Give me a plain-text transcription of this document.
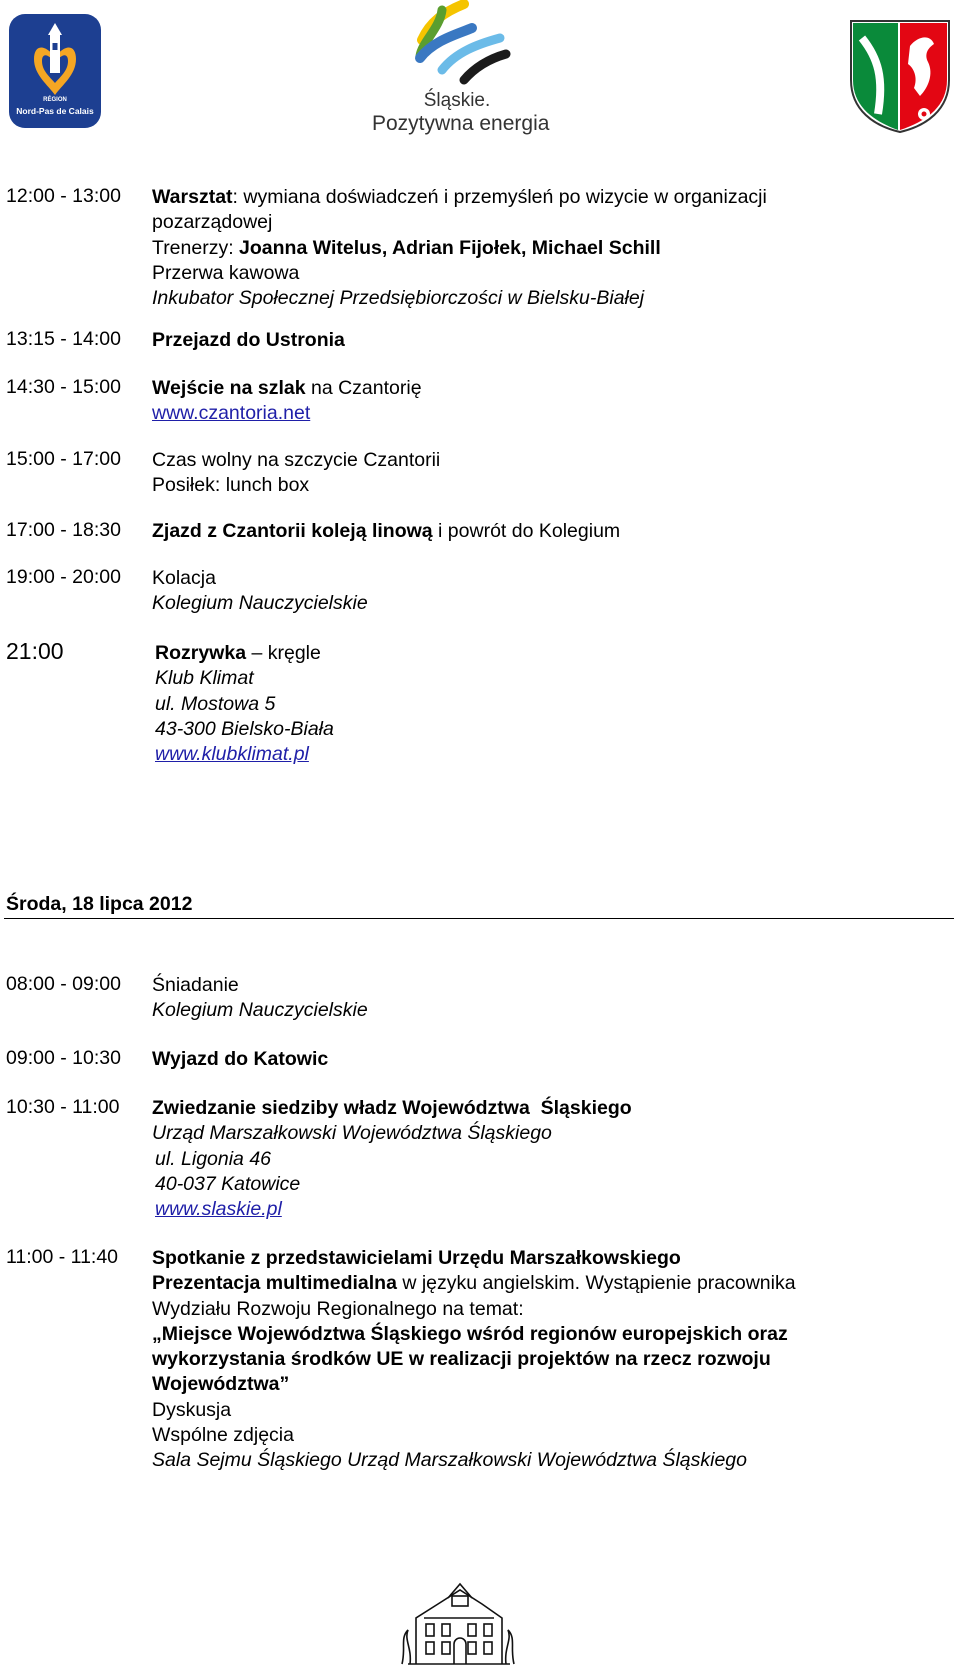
RÉGION
Nord-Pas de Calais	Śląskie.
Pozytywna energia
12:00 - 13:00 Warsztat: wymiana doświadczeń i przemyśleń po wizycie w organizacji
pozarządowej
Trenerzy: Joanna Witelus, Adrian Fijołek, Michael Schill
Przerwa kawowa
Inkubator Społecznej Przedsiębiorczości w Bielsku-Białej
13:15 - 14:00 Przejazd do Ustronia
14:30 - 15:00 Wejście na szlak na Czantorię
www.czantoria.net
15:00 - 17:00 Czas wolny na szczycie Czantorii
Posiłek: lunch box
17:00 - 18:30 Zjazd z Czantorii koleją linową i powrót do Kolegium
19:00 - 20:00 Kolacja
Kolegium Nauczycielskie
21:00	Rozrywka – kręgle
Klub Klimat
ul. Mostowa 5
43-300 Bielsko-Biała
www.klubklimat.pl
Środa, 18 lipca 2012
08:00 - 09:00 Śniadanie
Kolegium Nauczycielskie
09:00 - 10:30 Wyjazd do Katowic
10:30 - 11:00 Zwiedzanie siedziby władz Województwa  Śląskiego
Urząd Marszałkowski Województwa Śląskiego
ul. Ligonia 46
40-037 Katowice
www.slaskie.pl
11:00 - 11:40 Spotkanie z przedstawicielami Urzędu Marszałkowskiego
Prezentacja multimedialna w języku angielskim. Wystąpienie pracownika
Wydziału Rozwoju Regionalnego na temat:
„Miejsce Województwa Śląskiego wśród regionów europejskich oraz
wykorzystania środków UE w realizacji projektów na rzecz rozwoju
Województwa”
Dyskusja
Wspólne zdjęcia
Sala Sejmu Śląskiego Urząd Marszałkowski Województwa Śląskiego
